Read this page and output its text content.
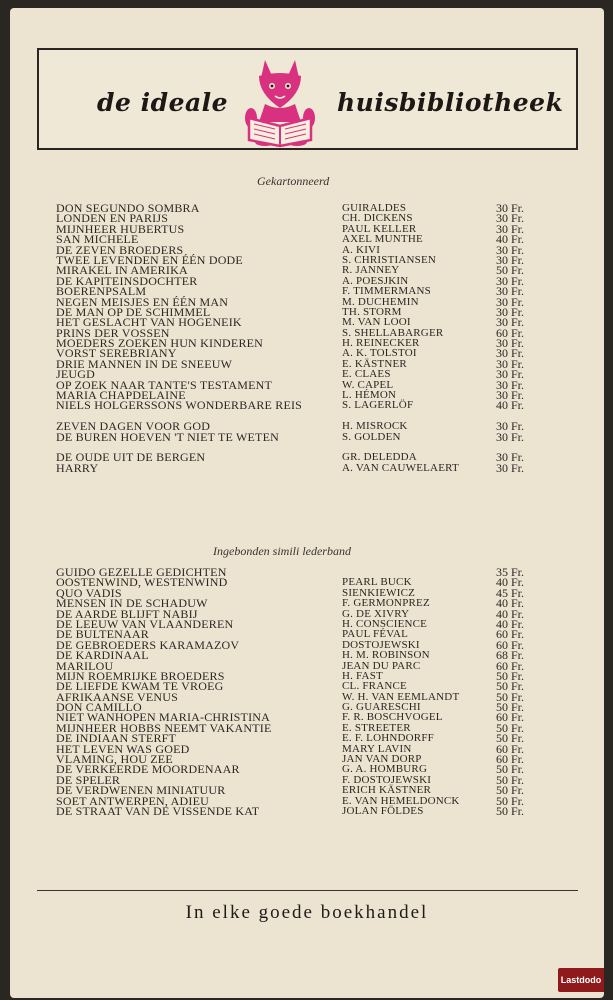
de ideale	huisbibliotheek
Gekartonneerd
DON SEGUNDO SOMBRA	GUIRALDES	30 Fr.
LONDEN EN PARIJS	CH. DICKENS	30 Fr.
MIJNHEER HUBERTUS	PAUL KELLER	30 Fr.
SAN MICHELE	AXEL MUNTHE	40 Fr.
DE ZEVEN BROEDERS	A. KIVI	30 Fr.
TWEE LEVENDEN EN ÉÉN DODE	S. CHRISTIANSEN	30 Fr.
MIRAKEL IN AMERIKA	R. JANNEY	50 Fr.
DE KAPITEINSDOCHTER	A. POESJKIN	30 Fr.
BOERENPSALM	F. TIMMERMANS	30 Fr.
NEGEN MEISJES EN ÉÉN MAN	M. DUCHEMIN	30 Fr.
DE MAN OP DE SCHIMMEL	TH. STORM	30 Fr.
HET GESLACHT VAN HOGENEIK	M. VAN LOOI	30 Fr.
PRINS DER VOSSEN	S. SHELLABARGER	60 Fr.
MOEDERS ZOEKEN HUN KINDEREN	H. REINECKER	30 Fr.
VORST SEREBRIANY	A. K. TOLSTOI	30 Fr.
DRIE MANNEN IN DE SNEEUW	E. KÄSTNER	30 Fr.
JEUGD	E. CLAES	30 Fr.
OP ZOEK NAAR TANTE'S TESTAMENT	W. CAPEL	30 Fr.
MARIA CHAPDELAINE	L. HÉMON	30 Fr.
NIELS HOLGERSSONS WONDERBARE REIS	S. LAGERLÖF	40 Fr.
ZEVEN DAGEN VOOR GOD	H. MISROCK	30 Fr.
DE BUREN HOEVEN 'T NIET TE WETEN	S. GOLDEN	30 Fr.
DE OUDE UIT DE BERGEN	GR. DELEDDA	30 Fr.
HARRY	A. VAN CAUWELAERT	30 Fr.
Ingebonden simili lederband
GUIDO GEZELLE GEDICHTEN	35 Fr.
OOSTENWIND, WESTENWIND	PEARL BUCK	40 Fr.
QUO VADIS	SIENKIEWICZ	45 Fr.
MENSEN IN DE SCHADUW	F. GERMONPREZ	40 Fr.
DE AARDE BLIJFT NABIJ	G. DE XIVRY	40 Fr.
DE LEEUW VAN VLAANDEREN	H. CONSCIENCE	40 Fr.
DE BULTENAAR	PAUL FÉVAL	60 Fr.
DE GEBROEDERS KARAMAZOV	DOSTOJEWSKI	60 Fr.
DE KARDINAAL	H. M. ROBINSON	68 Fr.
MARILOU	JEAN DU PARC	60 Fr.
MIJN ROEMRIJKE BROEDERS	H. FAST	50 Fr.
DE LIEFDE KWAM TE VROEG	CL. FRANCE	50 Fr.
AFRIKAANSE VENUS	W. H. VAN EEMLANDT	50 Fr.
DON CAMILLO	G. GUARESCHI	50 Fr.
NIET WANHOPEN MARIA-CHRISTINA	F. R. BOSCHVOGEL	60 Fr.
MIJNHEER HOBBS NEEMT VAKANTIE	E. STREETER	50 Fr.
DE INDIAAN STERFT	E. F. LOHNDORFF	50 Fr.
HET LEVEN WAS GOED	MARY LAVIN	60 Fr.
VLAMING, HOU ZEE	JAN VAN DORP	60 Fr.
DE VERKEERDE MOORDENAAR	G. A. HOMBURG	50 Fr.
DE SPELER	F. DOSTOJEWSKI	50 Fr.
DE VERDWENEN MINIATUUR	ERICH KÄSTNER	50 Fr.
SOET ANTWERPEN, ADIEU	E. VAN HEMELDONCK	50 Fr.
DE STRAAT VAN DE VISSENDE KAT	JOLAN FÖLDES	50 Fr.
In elke goede boekhandel
Lastdodo
